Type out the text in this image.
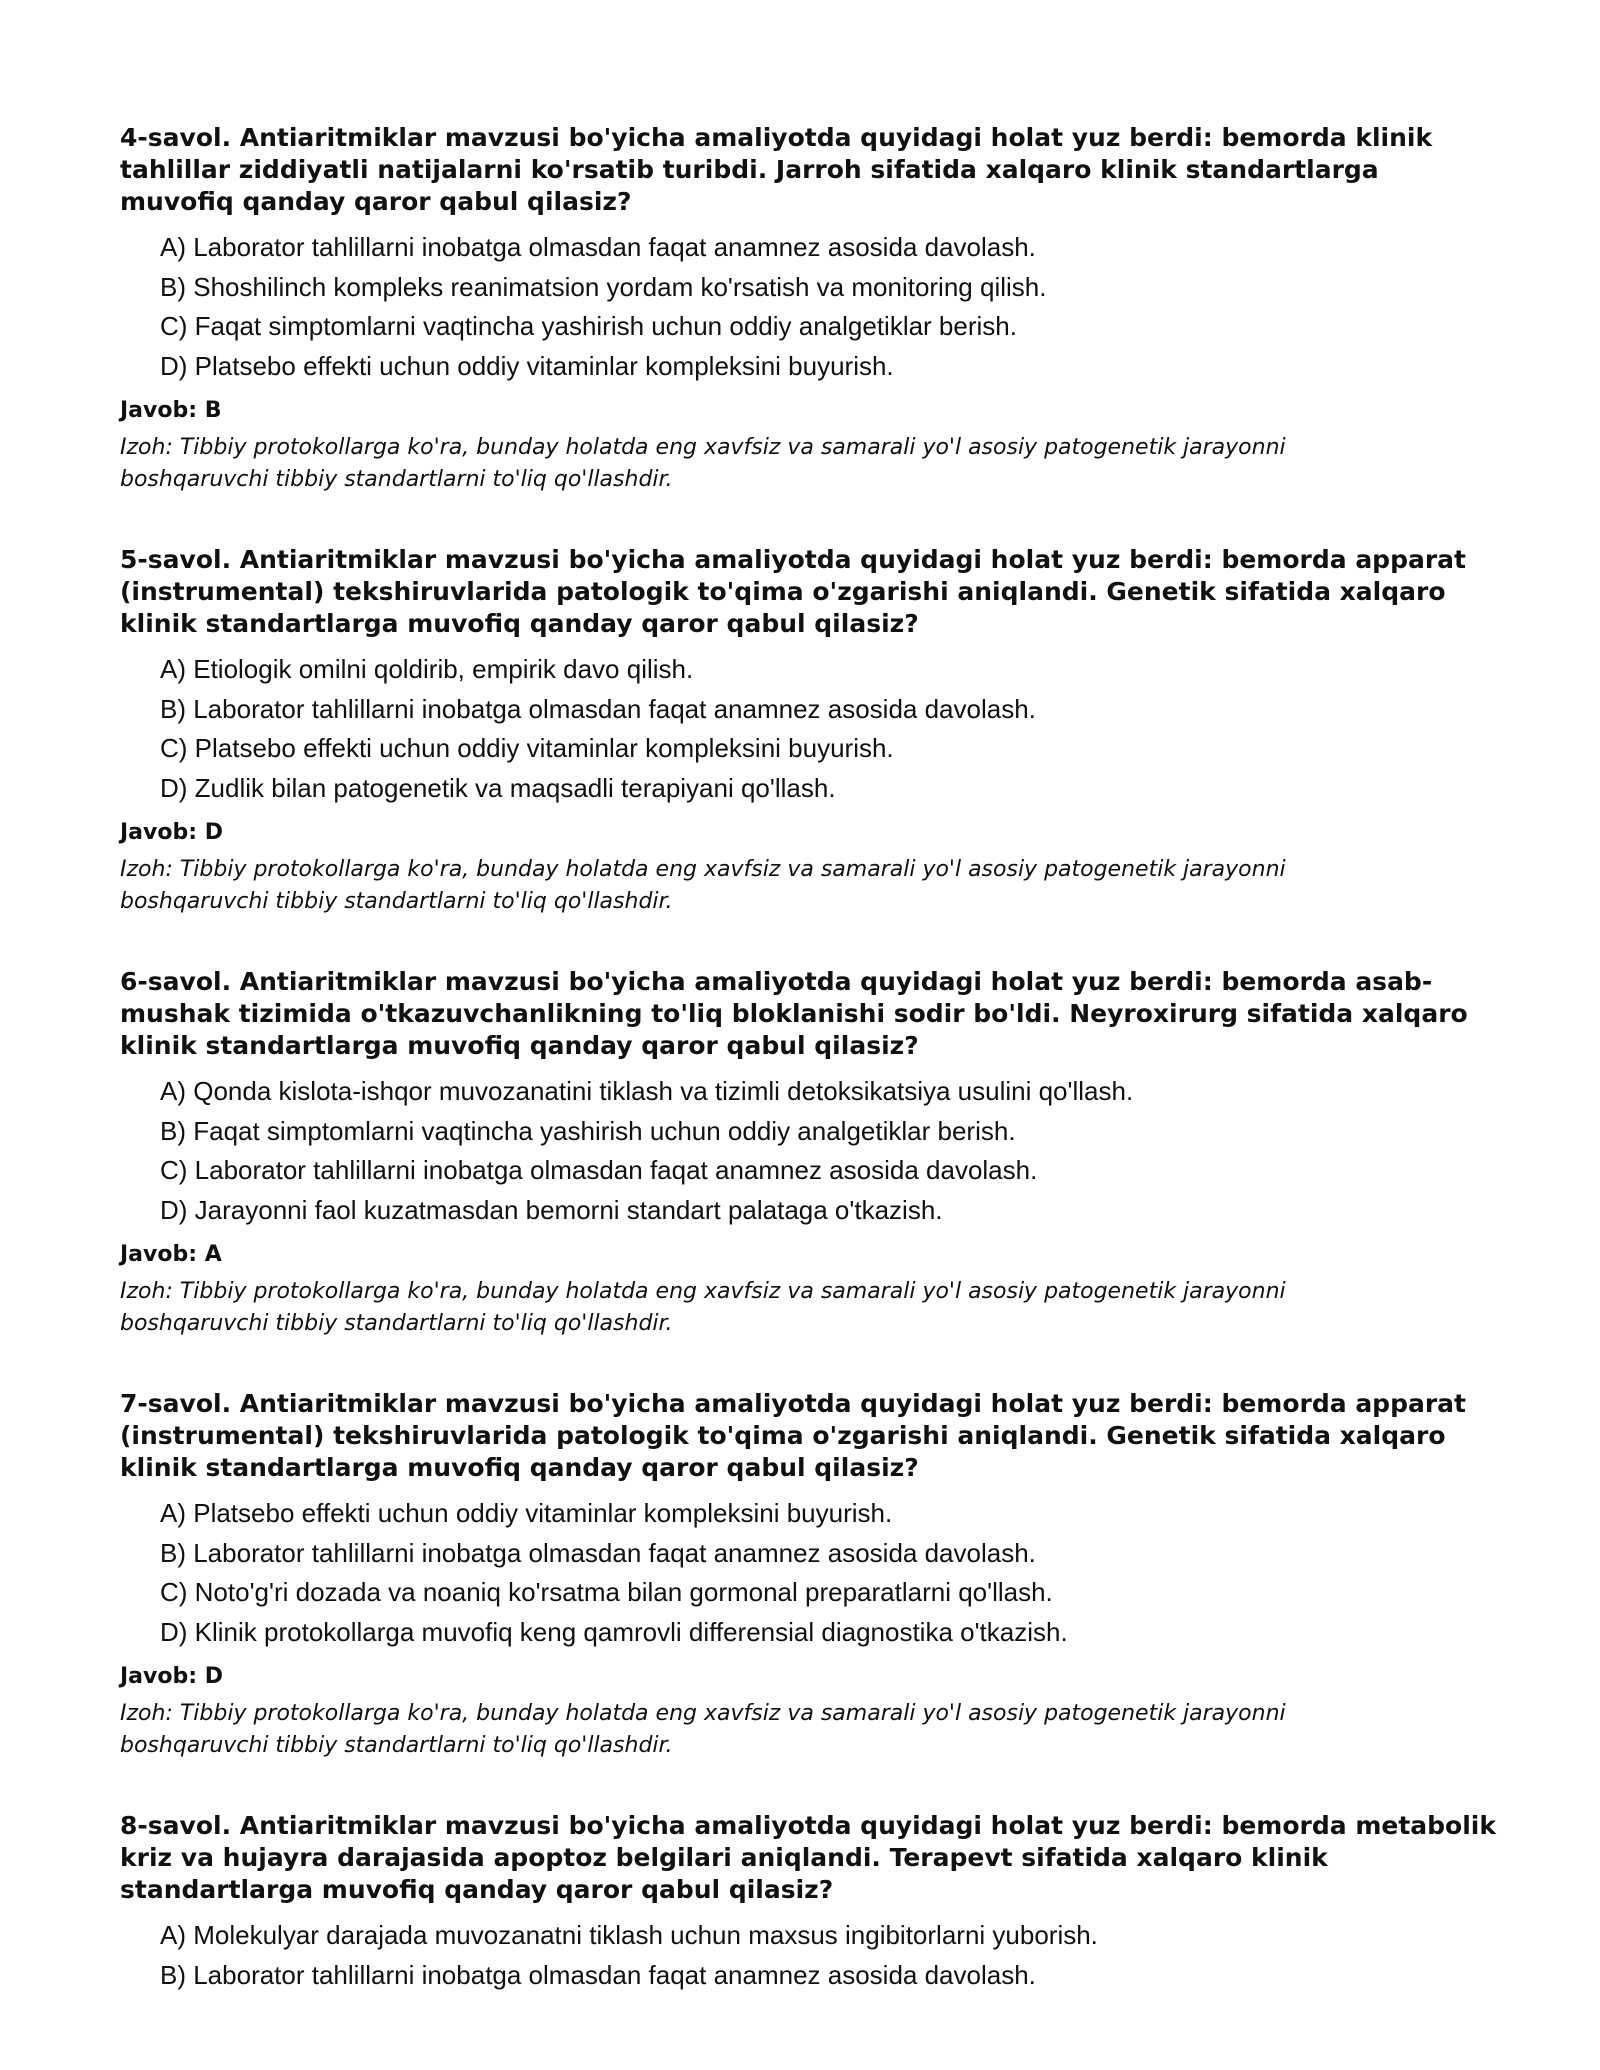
4-savol. Antiaritmiklar mavzusi bo'yicha amaliyotda quyidagi holat yuz berdi: bemorda klinik tahlillar ziddiyatli natijalarni ko'rsatib turibdi. Jarroh sifatida xalqaro klinik standartlarga muvofiq qanday qaror qabul qilasiz?

A) Laborator tahlillarni inobatga olmasdan faqat anamnez asosida davolash.
B) Shoshilinch kompleks reanimatsion yordam ko'rsatish va monitoring qilish.
C) Faqat simptomlarni vaqtincha yashirish uchun oddiy analgetiklar berish.
D) Platsebo effekti uchun oddiy vitaminlar kompleksini buyurish.

Javob: B

Izoh: Tibbiy protokollarga ko'ra, bunday holatda eng xavfsiz va samarali yo'l asosiy patogenetik jarayonni boshqaruvchi tibbiy standartlarni to'liq qo'llashdir.

5-savol. Antiaritmiklar mavzusi bo'yicha amaliyotda quyidagi holat yuz berdi: bemorda apparat (instrumental) tekshiruvlarida patologik to'qima o'zgarishi aniqlandi. Genetik sifatida xalqaro klinik standartlarga muvofiq qanday qaror qabul qilasiz?

A) Etiologik omilni qoldirib, empirik davo qilish.
B) Laborator tahlillarni inobatga olmasdan faqat anamnez asosida davolash.
C) Platsebo effekti uchun oddiy vitaminlar kompleksini buyurish.
D) Zudlik bilan patogenetik va maqsadli terapiyani qo'llash.

Javob: D

Izoh: Tibbiy protokollarga ko'ra, bunday holatda eng xavfsiz va samarali yo'l asosiy patogenetik jarayonni boshqaruvchi tibbiy standartlarni to'liq qo'llashdir.

6-savol. Antiaritmiklar mavzusi bo'yicha amaliyotda quyidagi holat yuz berdi: bemorda asab-mushak tizimida o'tkazuvchanlikning to'liq bloklanishi sodir bo'ldi. Neyroxirurg sifatida xalqaro klinik standartlarga muvofiq qanday qaror qabul qilasiz?

A) Qonda kislota-ishqor muvozanatini tiklash va tizimli detoksikatsiya usulini qo'llash.
B) Faqat simptomlarni vaqtincha yashirish uchun oddiy analgetiklar berish.
C) Laborator tahlillarni inobatga olmasdan faqat anamnez asosida davolash.
D) Jarayonni faol kuzatmasdan bemorni standart palataga o'tkazish.

Javob: A

Izoh: Tibbiy protokollarga ko'ra, bunday holatda eng xavfsiz va samarali yo'l asosiy patogenetik jarayonni boshqaruvchi tibbiy standartlarni to'liq qo'llashdir.

7-savol. Antiaritmiklar mavzusi bo'yicha amaliyotda quyidagi holat yuz berdi: bemorda apparat (instrumental) tekshiruvlarida patologik to'qima o'zgarishi aniqlandi. Genetik sifatida xalqaro klinik standartlarga muvofiq qanday qaror qabul qilasiz?

A) Platsebo effekti uchun oddiy vitaminlar kompleksini buyurish.
B) Laborator tahlillarni inobatga olmasdan faqat anamnez asosida davolash.
C) Noto'g'ri dozada va noaniq ko'rsatma bilan gormonal preparatlarni qo'llash.
D) Klinik protokollarga muvofiq keng qamrovli differensial diagnostika o'tkazish.

Javob: D

Izoh: Tibbiy protokollarga ko'ra, bunday holatda eng xavfsiz va samarali yo'l asosiy patogenetik jarayonni boshqaruvchi tibbiy standartlarni to'liq qo'llashdir.

8-savol. Antiaritmiklar mavzusi bo'yicha amaliyotda quyidagi holat yuz berdi: bemorda metabolik kriz va hujayra darajasida apoptoz belgilari aniqlandi. Terapevt sifatida xalqaro klinik standartlarga muvofiq qanday qaror qabul qilasiz?

A) Molekulyar darajada muvozanatni tiklash uchun maxsus ingibitorlarni yuborish.
B) Laborator tahlillarni inobatga olmasdan faqat anamnez asosida davolash.
